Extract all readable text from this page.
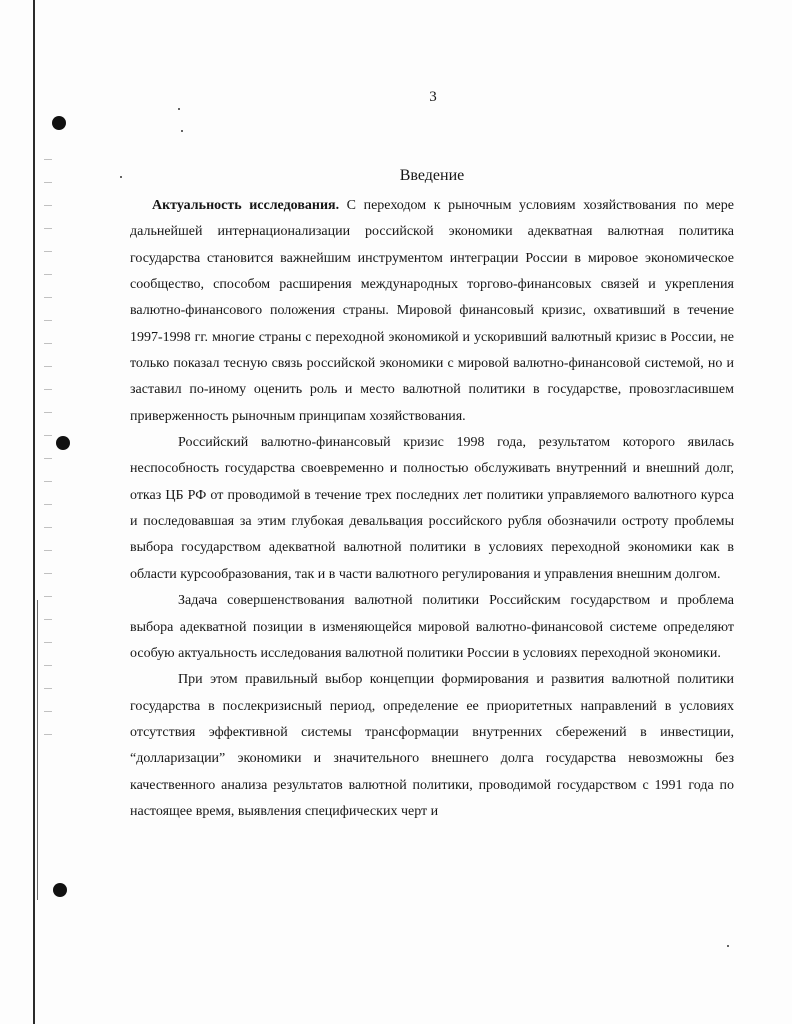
3
Введение

Актуальность исследования. С переходом к рыночным условиям хозяйствования по мере дальнейшей интернационализации российской экономики адекватная валютная политика государства становится важнейшим инструментом интеграции России в мировое экономическое сообщество, способом расширения международных торгово-финансовых связей и укрепления валютно-финансового положения страны. Мировой финансовый кризис, охвативший в течение 1997-1998 гг. многие страны с переходной экономикой и ускоривший валютный кризис в России, не только показал тесную связь российской экономики с мировой валютно-финансовой системой, но и заставил по-иному оценить роль и место валютной политики в государстве, провозгласившем приверженность рыночным принципам хозяйствования.

Российский валютно-финансовый кризис 1998 года, результатом которого явилась неспособность государства своевременно и полностью обслуживать внутренний и внешний долг, отказ ЦБ РФ от проводимой в течение трех последних лет политики управляемого валютного курса и последовавшая за этим глубокая девальвация российского рубля обозначили остроту проблемы выбора государством адекватной валютной политики в условиях переходной экономики как в области курсообразования, так и в части валютного регулирования и управления внешним долгом.

Задача совершенствования валютной политики Российским государством и проблема выбора адекватной позиции в изменяющейся мировой валютно-финансовой системе определяют особую актуальность исследования валютной политики России в условиях переходной экономики.

При этом правильный выбор концепции формирования и развития валютной политики государства в послекризисный период, определение ее приоритетных направлений в условиях отсутствия эффективной системы трансформации внутренних сбережений в инвестиции, “долларизации” экономики и значительного внешнего долга государства невозможны без качественного анализа результатов валютной политики, проводимой государством с 1991 года по настоящее время, выявления специфических черт и
